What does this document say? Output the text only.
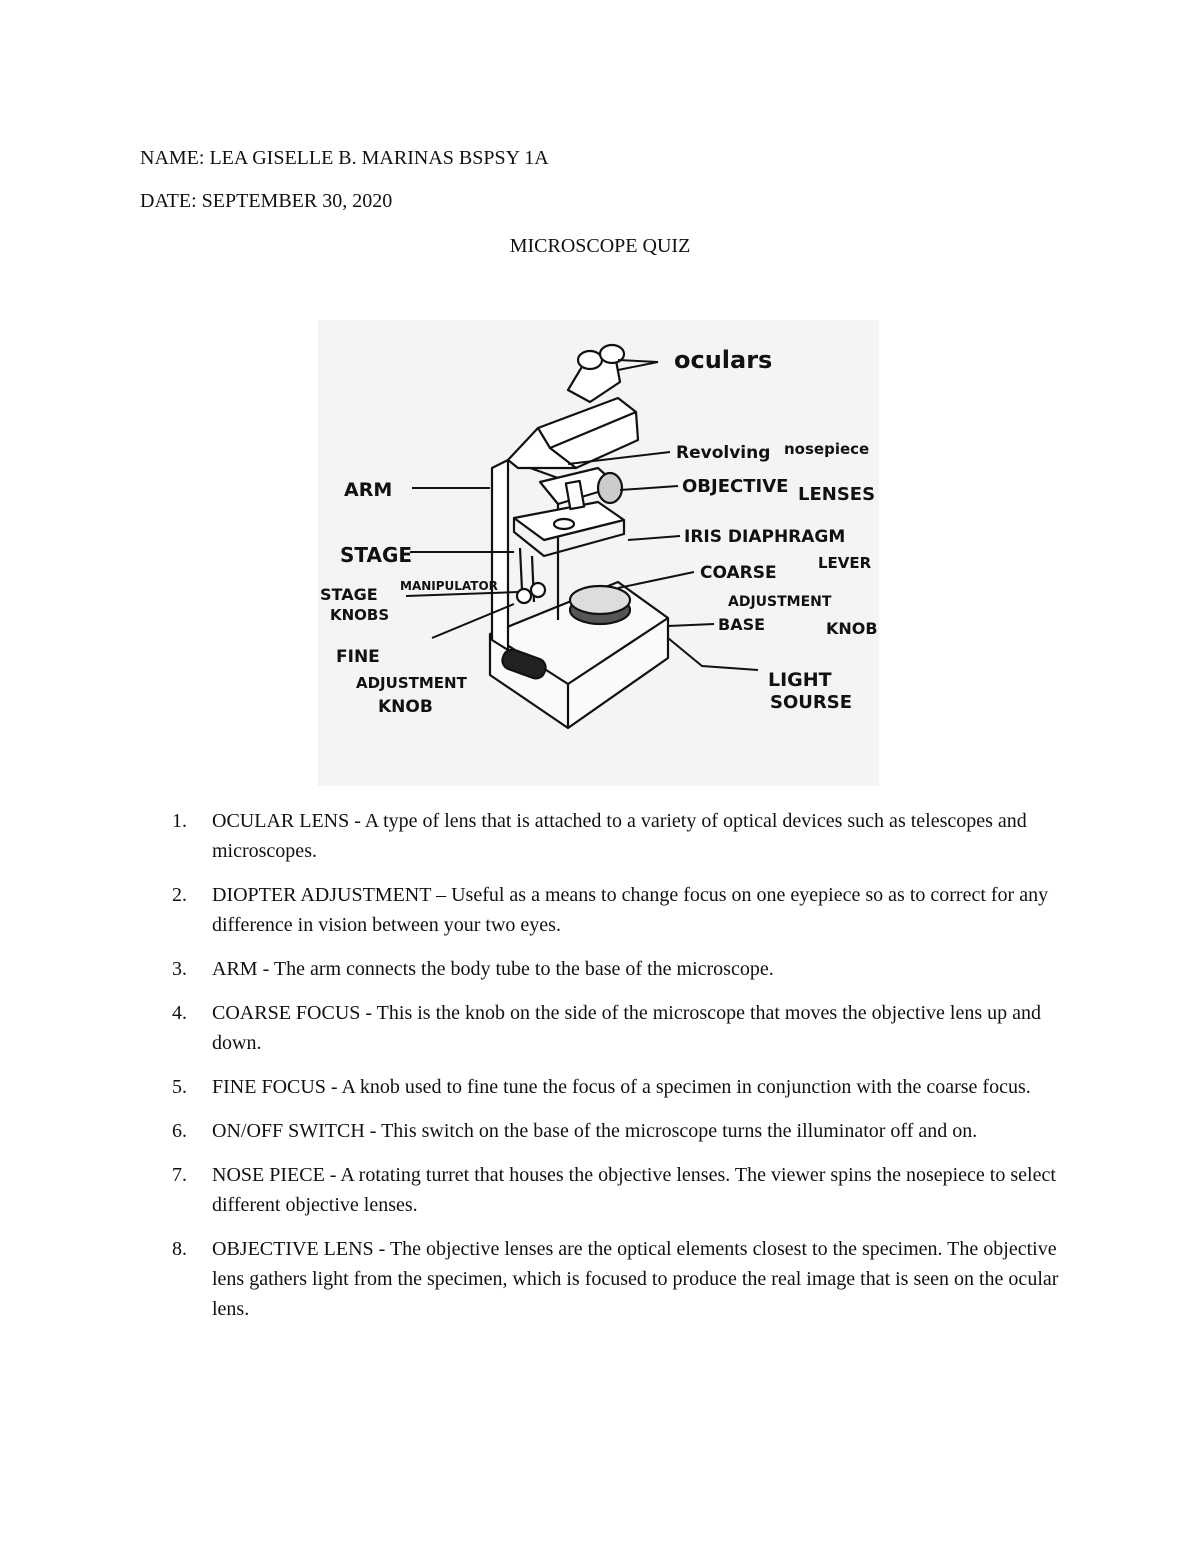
NAME: LEA GISELLE B. MARINAS BSPSY 1A
DATE: SEPTEMBER 30, 2020
MICROSCOPE QUIZ
oculars
Revolving nosepiece
OBJECTIVE LENSES
ARM
IRIS DIAPHRAGM
LEVER
STAGE
COARSE
ADJUSTMENT
STAGE MANIPULATOR
KNOBS	BASE	KNOB
FINE
ADJUSTMENT
KNOB
LIGHT
SOURSE
1. OCULAR LENS - A type of lens that is attached to a variety of optical devices such as telescopes and microscopes.
2. DIOPTER ADJUSTMENT – Useful as a means to change focus on one eyepiece so as to correct for any difference in vision between your two eyes.
3. ARM - The arm connects the body tube to the base of the microscope.
4. COARSE FOCUS - This is the knob on the side of the microscope that moves the objective lens up and down.
5. FINE FOCUS - A knob used to fine tune the focus of a specimen in conjunction with the coarse focus.
6. ON/OFF SWITCH - This switch on the base of the microscope turns the illuminator off and on.
7. NOSE PIECE - A rotating turret that houses the objective lenses. The viewer spins the nosepiece to select different objective lenses.
8. OBJECTIVE LENS - The objective lenses are the optical elements closest to the specimen. The objective lens gathers light from the specimen, which is focused to produce the real image that is seen on the ocular lens.
